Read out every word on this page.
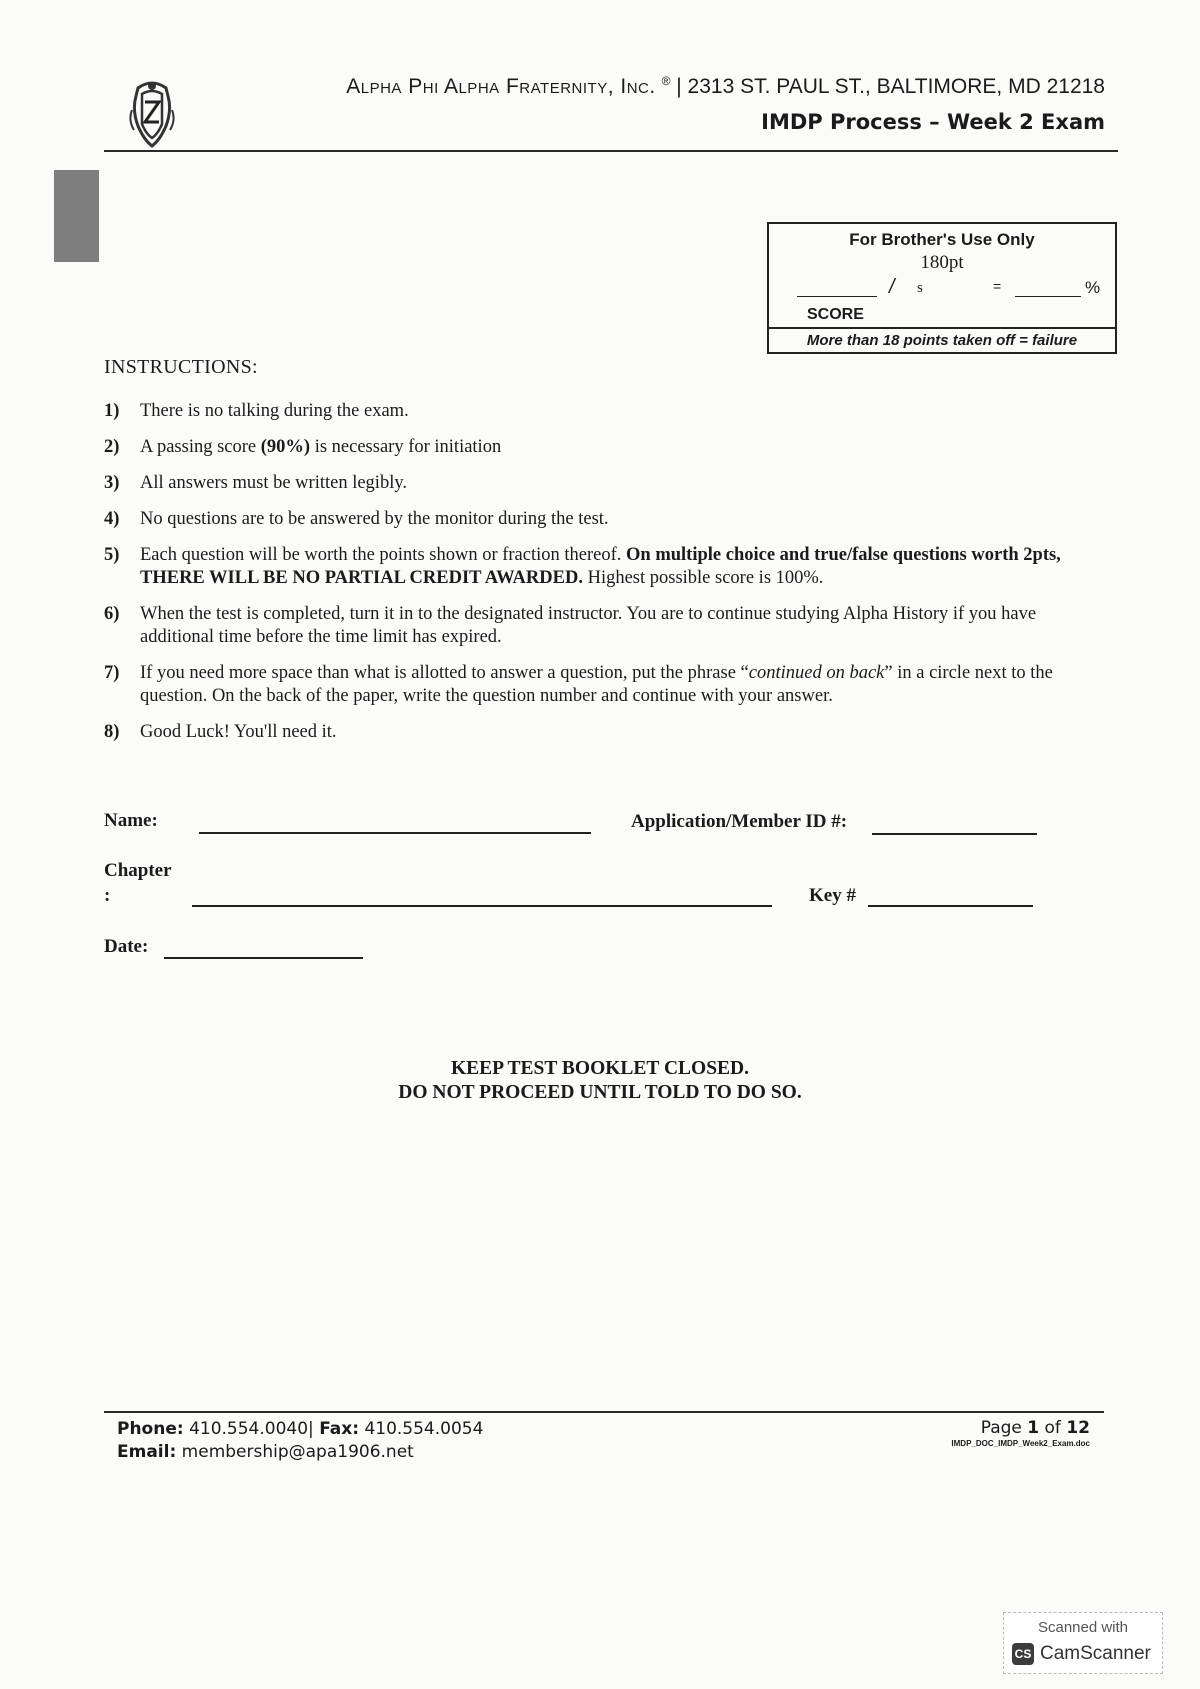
Alpha Phi Alpha Fraternity, Inc. ® | 2313 ST. PAUL ST., BALTIMORE, MD 21218
IMDP Process – Week 2 Exam
For Brother's Use Only
180pt
/ s	=	%
SCORE
More than 18 points taken off = failure
INSTRUCTIONS:
1) There is no talking during the exam.
2) A passing score (90%) is necessary for initiation
3) All answers must be written legibly.
4) No questions are to be answered by the monitor during the test.
5) Each question will be worth the points shown or fraction thereof. On multiple choice and true/false questions worth 2pts, THERE WILL BE NO PARTIAL CREDIT AWARDED. Highest possible score is 100%.
6) When the test is completed, turn it in to the designated instructor. You are to continue studying Alpha History if you have additional time before the time limit has expired.
7) If you need more space than what is allotted to answer a question, put the phrase “continued on back” in a circle next to the question. On the back of the paper, write the question number and continue with your answer.
8) Good Luck! You'll need it.
Name:	Application/Member ID #:
Chapter
:	Key #
Date:
KEEP TEST BOOKLET CLOSED.
DO NOT PROCEED UNTIL TOLD TO DO SO.
Phone: 410.554.0040| Fax: 410.554.0054
Email: membership@apa1906.net
Page 1 of 12
IMDP_DOC_IMDP_Week2_Exam.doc
Scanned with
CS CamScanner
